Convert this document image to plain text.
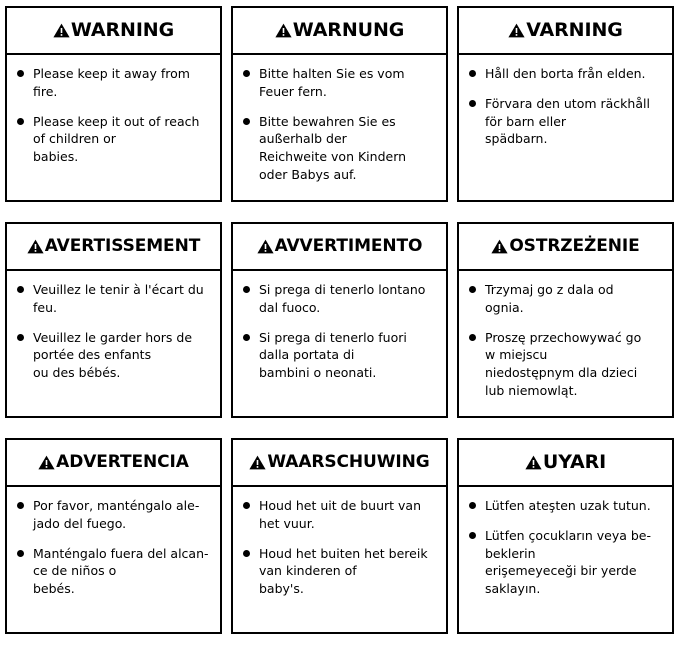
WARNING
Please keep it away from
fire.
Please keep it out of reach
of children or
babies.
WARNUNG
Bitte halten Sie es vom
Feuer fern.
Bitte bewahren Sie es
außerhalb der
Reichweite von Kindern
oder Babys auf.
VARNING
Håll den borta från elden.
Förvara den utom räckhåll
för barn eller
spädbarn.
AVERTISSEMENT
Veuillez le tenir à l'écart du
feu.
Veuillez le garder hors de
portée des enfants
ou des bébés.
AVVERTIMENTO
Si prega di tenerlo lontano
dal fuoco.
Si prega di tenerlo fuori
dalla portata di
bambini o neonati.
OSTRZEŻENIE
Trzymaj go z dala od
ognia.
Proszę przechowywać go
w miejscu
niedostępnym dla dzieci
lub niemowląt.
ADVERTENCIA
Por favor, manténgalo ale-
jado del fuego.
Manténgalo fuera del alcan-
ce de niños o
bebés.
WAARSCHUWING
Houd het uit de buurt van
het vuur.
Houd het buiten het bereik
van kinderen of
baby's.
UYARI
Lütfen ateşten uzak tutun.
Lütfen çocukların veya be-
beklerin
erişemeyeceği bir yerde
saklayın.
